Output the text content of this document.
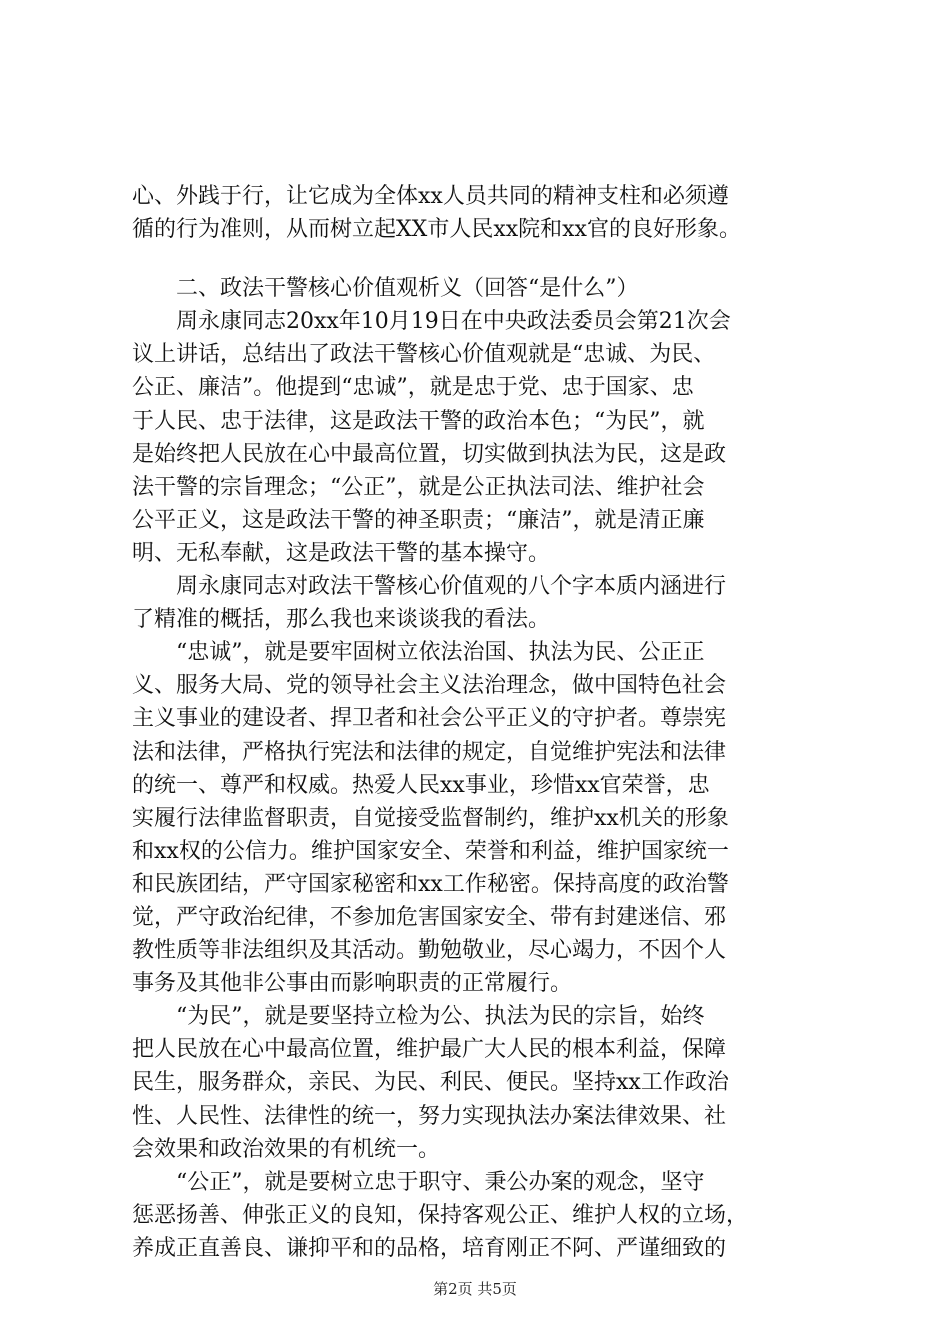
心、外践于行，让它成为全体xx人员共同的精神支柱和必须遵
循的行为准则，从而树立起XX市人民xx院和xx官的良好形象。
二、政法干警核心价值观析义（回答“是什么”）
周永康同志20xx年10月19日在中央政法委员会第21次会
议上讲话，总结出了政法干警核心价值观就是“忠诚、为民、
公正、廉洁”。他提到“忠诚”，就是忠于党、忠于国家、忠
于人民、忠于法律，这是政法干警的政治本色；“为民”，就
是始终把人民放在心中最高位置，切实做到执法为民，这是政
法干警的宗旨理念；“公正”，就是公正执法司法、维护社会
公平正义，这是政法干警的神圣职责；“廉洁”，就是清正廉
明、无私奉献，这是政法干警的基本操守。
周永康同志对政法干警核心价值观的八个字本质内涵进行
了精准的概括，那么我也来谈谈我的看法。
“忠诚”，就是要牢固树立依法治国、执法为民、公正正
义、服务大局、党的领导社会主义法治理念，做中国特色社会
主义事业的建设者、捍卫者和社会公平正义的守护者。尊崇宪
法和法律，严格执行宪法和法律的规定，自觉维护宪法和法律
的统一、尊严和权威。热爱人民xx事业，珍惜xx官荣誉，忠
实履行法律监督职责，自觉接受监督制约，维护xx机关的形象
和xx权的公信力。维护国家安全、荣誉和利益，维护国家统一
和民族团结，严守国家秘密和xx工作秘密。保持高度的政治警
觉，严守政治纪律，不参加危害国家安全、带有封建迷信、邪
教性质等非法组织及其活动。勤勉敬业，尽心竭力，不因个人
事务及其他非公事由而影响职责的正常履行。
“为民”，就是要坚持立检为公、执法为民的宗旨，始终
把人民放在心中最高位置，维护最广大人民的根本利益，保障
民生，服务群众，亲民、为民、利民、便民。坚持xx工作政治
性、人民性、法律性的统一，努力实现执法办案法律效果、社
会效果和政治效果的有机统一。
“公正”，就是要树立忠于职守、秉公办案的观念，坚守
惩恶扬善、伸张正义的良知，保持客观公正、维护人权的立场，
养成正直善良、谦抑平和的品格，培育刚正不阿、严谨细致的
第2页 共5页
